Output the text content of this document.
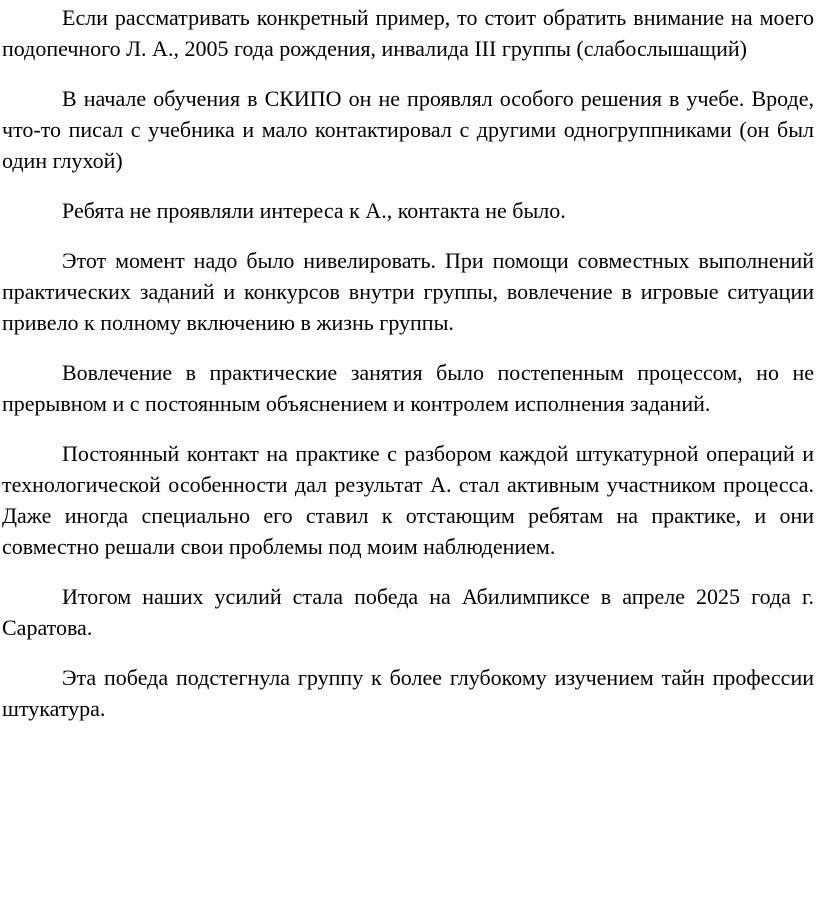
Если рассматривать конкретный пример, то стоит обратить внимание на моего подопечного Л. А., 2005 года рождения, инвалида III группы (слабослышащий)

В начале обучения в СКИПО он не проявлял особого решения в учебе. Вроде, что-то писал с учебника и мало контактировал с другими одногруппниками (он был один глухой)

Ребята не проявляли интереса к А., контакта не было.

Этот момент надо было нивелировать. При помощи совместных выполнений практических заданий и конкурсов внутри группы, вовлечение в игровые ситуации привело к полному включению в жизнь группы.

Вовлечение в практические занятия было постепенным процессом, но не прерывном и с постоянным объяснением и контролем исполнения заданий.

Постоянный контакт на практике с разбором каждой штукатурной операций и технологической особенности дал результат А. стал активным участником процесса. Даже иногда специально его ставил к отстающим ребятам на практике, и они совместно решали свои проблемы под моим наблюдением.

Итогом наших усилий стала победа на Абилимпиксе в апреле 2025 года г. Саратова.

Эта победа подстегнула группу к более глубокому изучением тайн профессии штукатура.
